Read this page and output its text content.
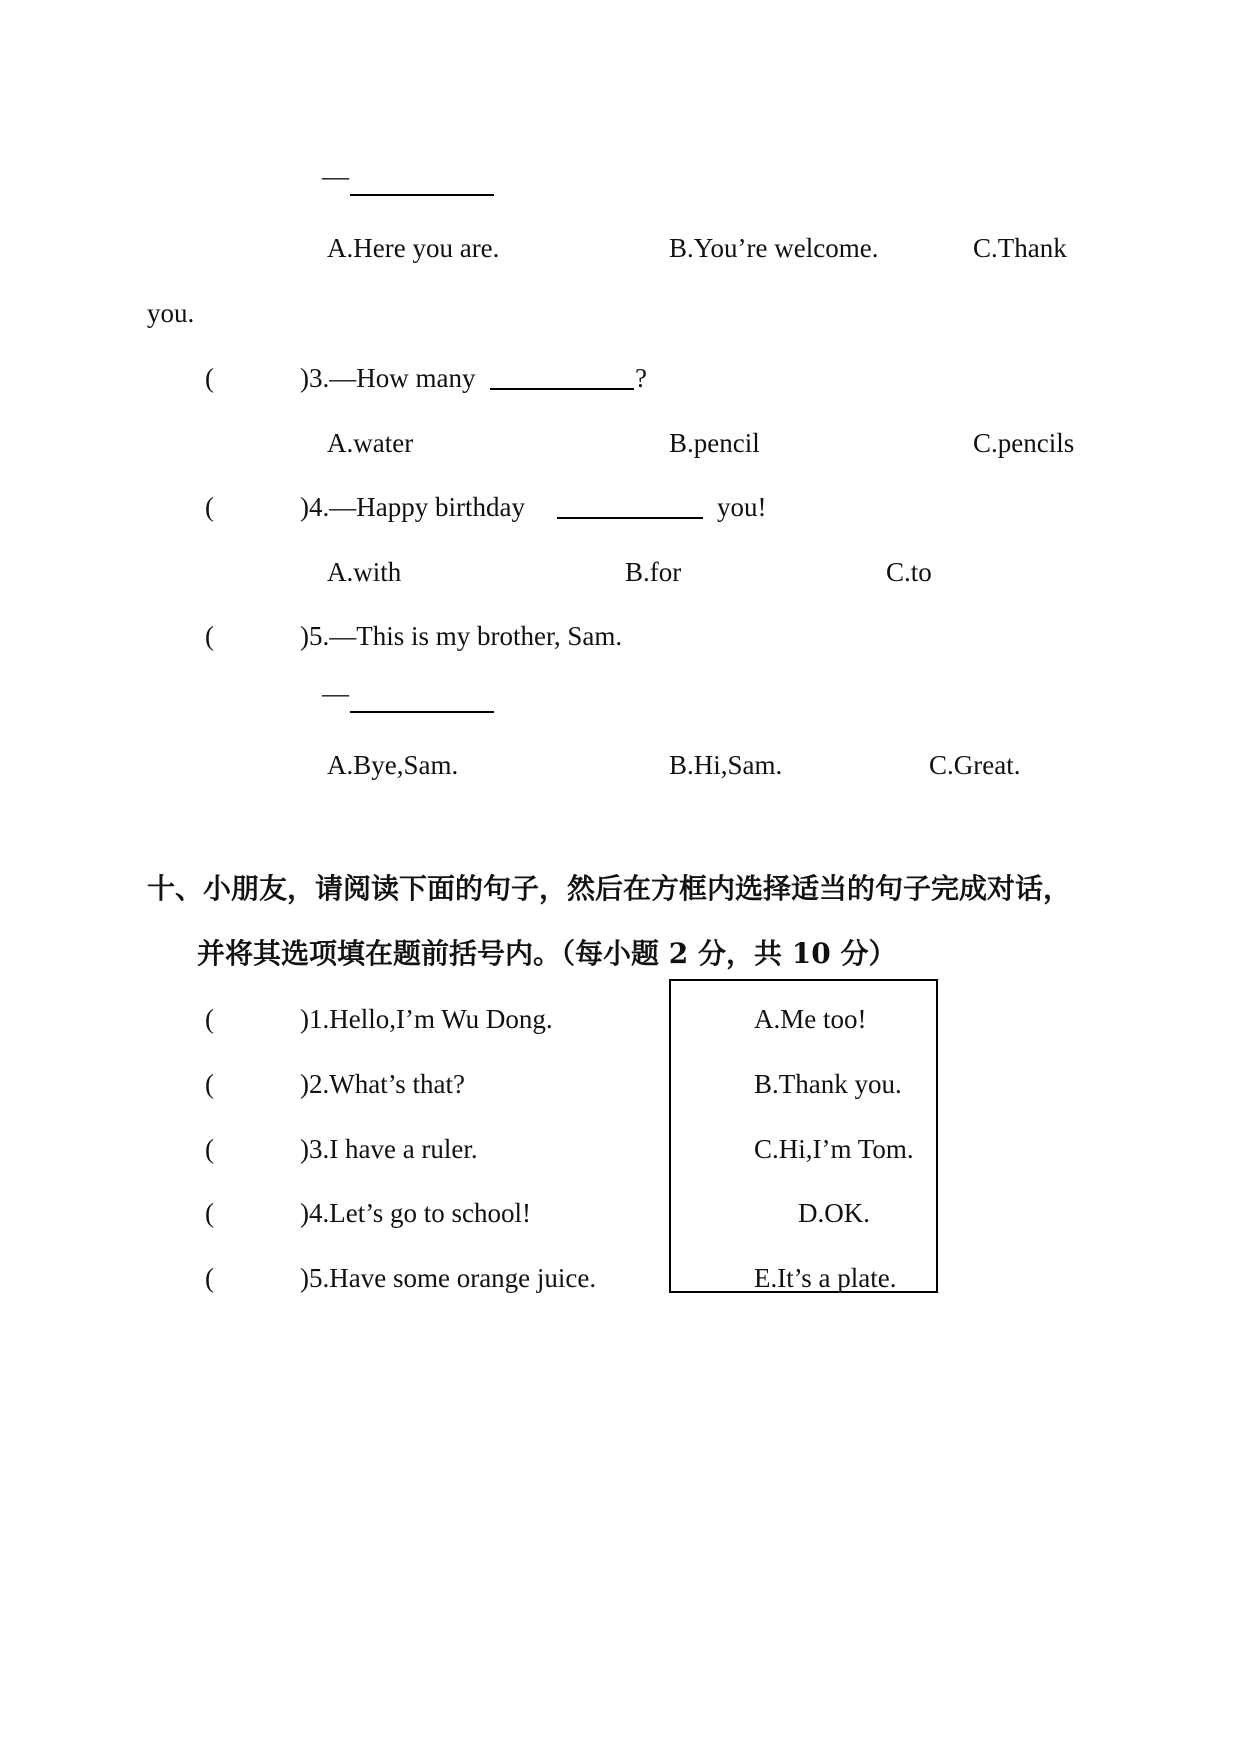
—
A.Here you are.	B.You’re welcome.	C.Thank
you.
(	)3.—How many	?
A.water	B.pencil	C.pencils
(	)4.—Happy birthday	you!
A.with	B.for	C.to
(	)5.—This is my brother, Sam.
—
A.Bye,Sam.	B.Hi,Sam.	C.Great.
十、小朋友，请阅读下面的句子，然后在方框内选择适当的句子完成对话，
并将其选项填在题前括号内。（每小题 2 分，共 10 分）
(	)1.Hello,I’m Wu Dong.
(	)2.What’s that?
(	)3.I have a ruler.
(	)4.Let’s go to school!
(	)5.Have some orange juice.
A.Me too!
B.Thank you.
C.Hi,I’m Tom.
D.OK.
E.It’s a plate.
